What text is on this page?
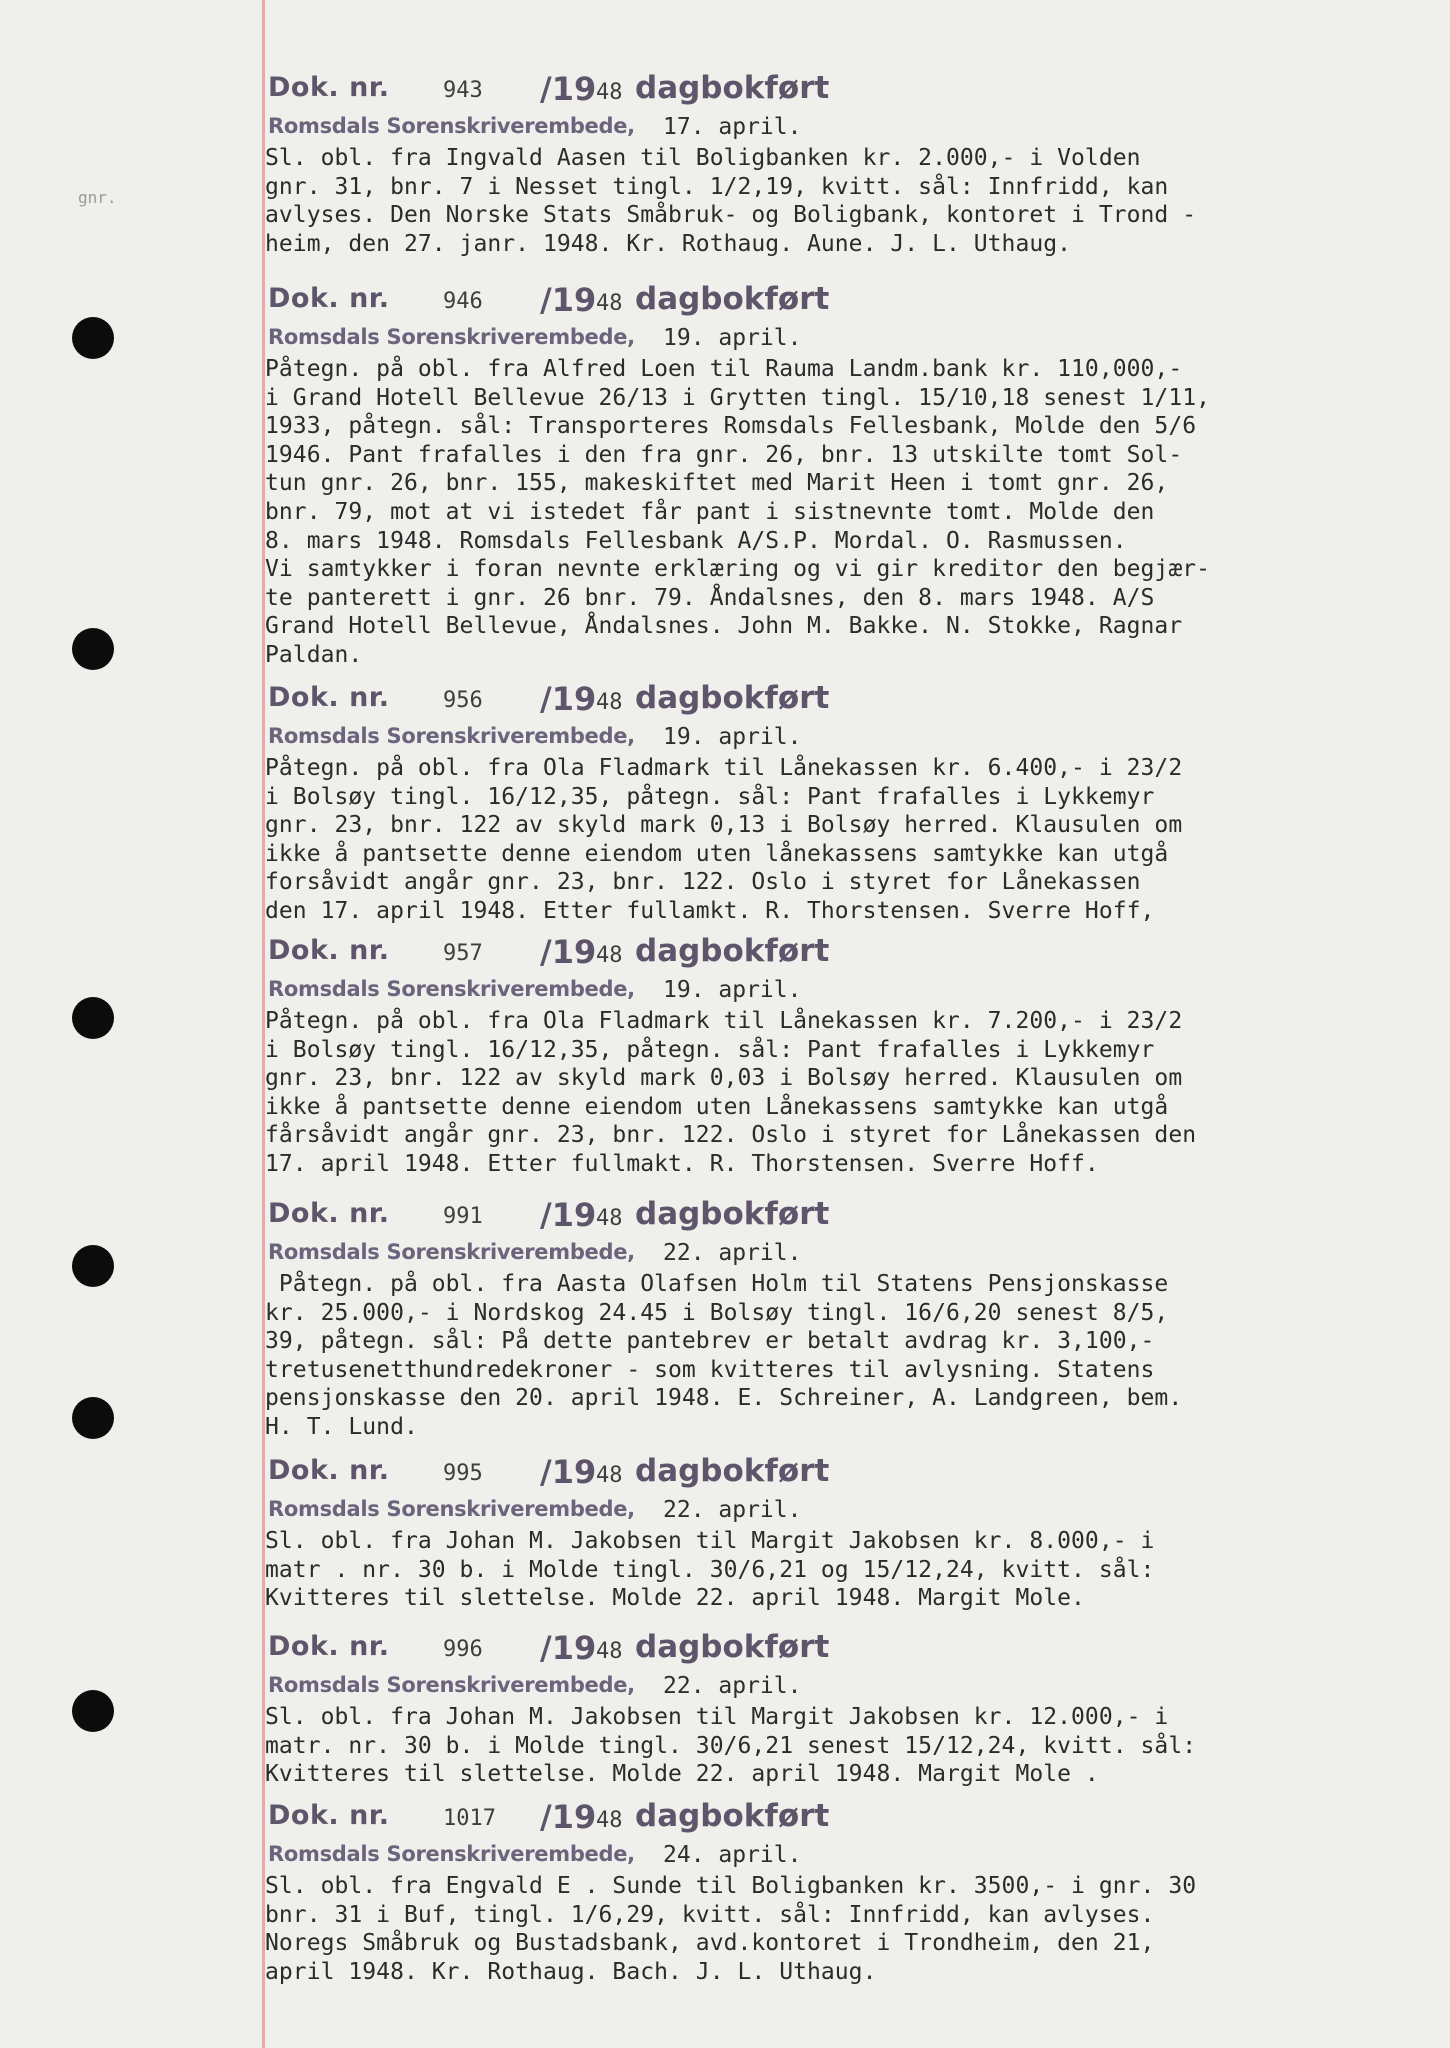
gnr.
Dok. nr. 943 /19 48 dagbokført
Romsdals Sorenskriverembede, 17. april.
Sl. obl. fra Ingvald Aasen til Boligbanken kr. 2.000,- i Volden
gnr. 31, bnr. 7 i Nesset tingl. 1/2,19, kvitt. sål: Innfridd, kan
avlyses. Den Norske Stats Småbruk- og Boligbank, kontoret i Trond -
heim, den 27. janr. 1948. Kr. Rothaug. Aune. J. L. Uthaug.
Dok. nr. 946 /19 48 dagbokført
Romsdals Sorenskriverembede, 19. april.
Påtegn. på obl. fra Alfred Loen til Rauma Landm.bank kr. 110,000,-
i Grand Hotell Bellevue 26/13 i Grytten tingl. 15/10,18 senest 1/11,
1933, påtegn. sål: Transporteres Romsdals Fellesbank, Molde den 5/6
1946. Pant frafalles i den fra gnr. 26, bnr. 13 utskilte tomt Sol-
tun gnr. 26, bnr. 155, makeskiftet med Marit Heen i tomt gnr. 26,
bnr. 79, mot at vi istedet får pant i sistnevnte tomt. Molde den
8. mars 1948. Romsdals Fellesbank A/S.P. Mordal. O. Rasmussen.
Vi samtykker i foran nevnte erklæring og vi gir kreditor den begjær-
te panterett i gnr. 26 bnr. 79. Åndalsnes, den 8. mars 1948. A/S
Grand Hotell Bellevue, Åndalsnes. John M. Bakke. N. Stokke, Ragnar
Paldan.
Dok. nr. 956 /19 48 dagbokført
Romsdals Sorenskriverembede, 19. april.
Påtegn. på obl. fra Ola Fladmark til Lånekassen kr. 6.400,- i 23/2
i Bolsøy tingl. 16/12,35, påtegn. sål: Pant frafalles i Lykkemyr
gnr. 23, bnr. 122 av skyld mark 0,13 i Bolsøy herred. Klausulen om
ikke å pantsette denne eiendom uten lånekassens samtykke kan utgå
forsåvidt angår gnr. 23, bnr. 122. Oslo i styret for Lånekassen
den 17. april 1948. Etter fullamkt. R. Thorstensen. Sverre Hoff,
Dok. nr. 957 /19 48 dagbokført
Romsdals Sorenskriverembede, 19. april.
Påtegn. på obl. fra Ola Fladmark til Lånekassen kr. 7.200,- i 23/2
i Bolsøy tingl. 16/12,35, påtegn. sål: Pant frafalles i Lykkemyr
gnr. 23, bnr. 122 av skyld mark 0,03 i Bolsøy herred. Klausulen om
ikke å pantsette denne eiendom uten Lånekassens samtykke kan utgå
fårsåvidt angår gnr. 23, bnr. 122. Oslo i styret for Lånekassen den
17. april 1948. Etter fullmakt. R. Thorstensen. Sverre Hoff.
Dok. nr. 991 /19 48 dagbokført
Romsdals Sorenskriverembede, 22. april.
Påtegn. på obl. fra Aasta Olafsen Holm til Statens Pensjonskasse
kr. 25.000,- i Nordskog 24.45 i Bolsøy tingl. 16/6,20 senest 8/5,
39, påtegn. sål: På dette pantebrev er betalt avdrag kr. 3,100,-
tretusenetthundredekroner - som kvitteres til avlysning. Statens
pensjonskasse den 20. april 1948. E. Schreiner, A. Landgreen, bem.
H. T. Lund.
Dok. nr. 995 /19 48 dagbokført
Romsdals Sorenskriverembede, 22. april.
Sl. obl. fra Johan M. Jakobsen til Margit Jakobsen kr. 8.000,- i
matr . nr. 30 b. i Molde tingl. 30/6,21 og 15/12,24, kvitt. sål:
Kvitteres til slettelse. Molde 22. april 1948. Margit Mole.
Dok. nr. 996 /19 48 dagbokført
Romsdals Sorenskriverembede, 22. april.
Sl. obl. fra Johan M. Jakobsen til Margit Jakobsen kr. 12.000,- i
matr. nr. 30 b. i Molde tingl. 30/6,21 senest 15/12,24, kvitt. sål:
Kvitteres til slettelse. Molde 22. april 1948. Margit Mole .
Dok. nr. 1017 /19 48 dagbokført
Romsdals Sorenskriverembede, 24. april.
Sl. obl. fra Engvald E . Sunde til Boligbanken kr. 3500,- i gnr. 30
bnr. 31 i Buf, tingl. 1/6,29, kvitt. sål: Innfridd, kan avlyses.
Noregs Småbruk og Bustadsbank, avd.kontoret i Trondheim, den 21,
april 1948. Kr. Rothaug. Bach. J. L. Uthaug.
